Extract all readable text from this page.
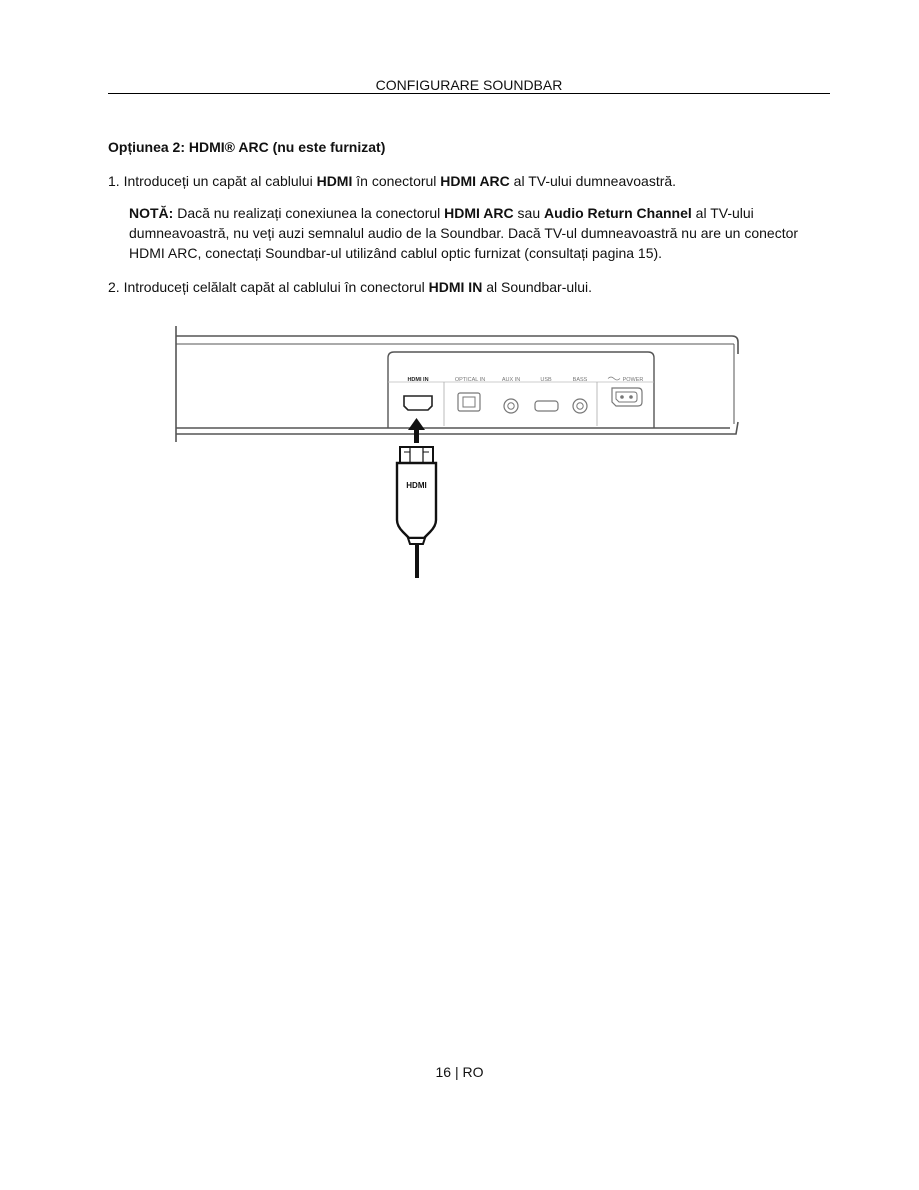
CONFIGURARE SOUNDBAR

Opțiunea 2: HDMI® ARC (nu este furnizat)

1. Introduceți un capăt al cablului HDMI în conectorul HDMI ARC al TV-ului dumneavoastră.

NOTĂ: Dacă nu realizați conexiunea la conectorul HDMI ARC sau Audio Return Channel al TV-ului dumneavoastră, nu veți auzi semnalul audio de la Soundbar. Dacă TV-ul dumneavoastră nu are un conector HDMI ARC, conectați Soundbar-ul utilizând cablul optic furnizat (consultați pagina 15).

2. Introduceți celălalt capăt al cablului în conectorul HDMI IN al Soundbar-ului.

HDMI IN	OPTICAL IN	AUX IN	USB	BASS	POWER
HDMI
16 | RO
